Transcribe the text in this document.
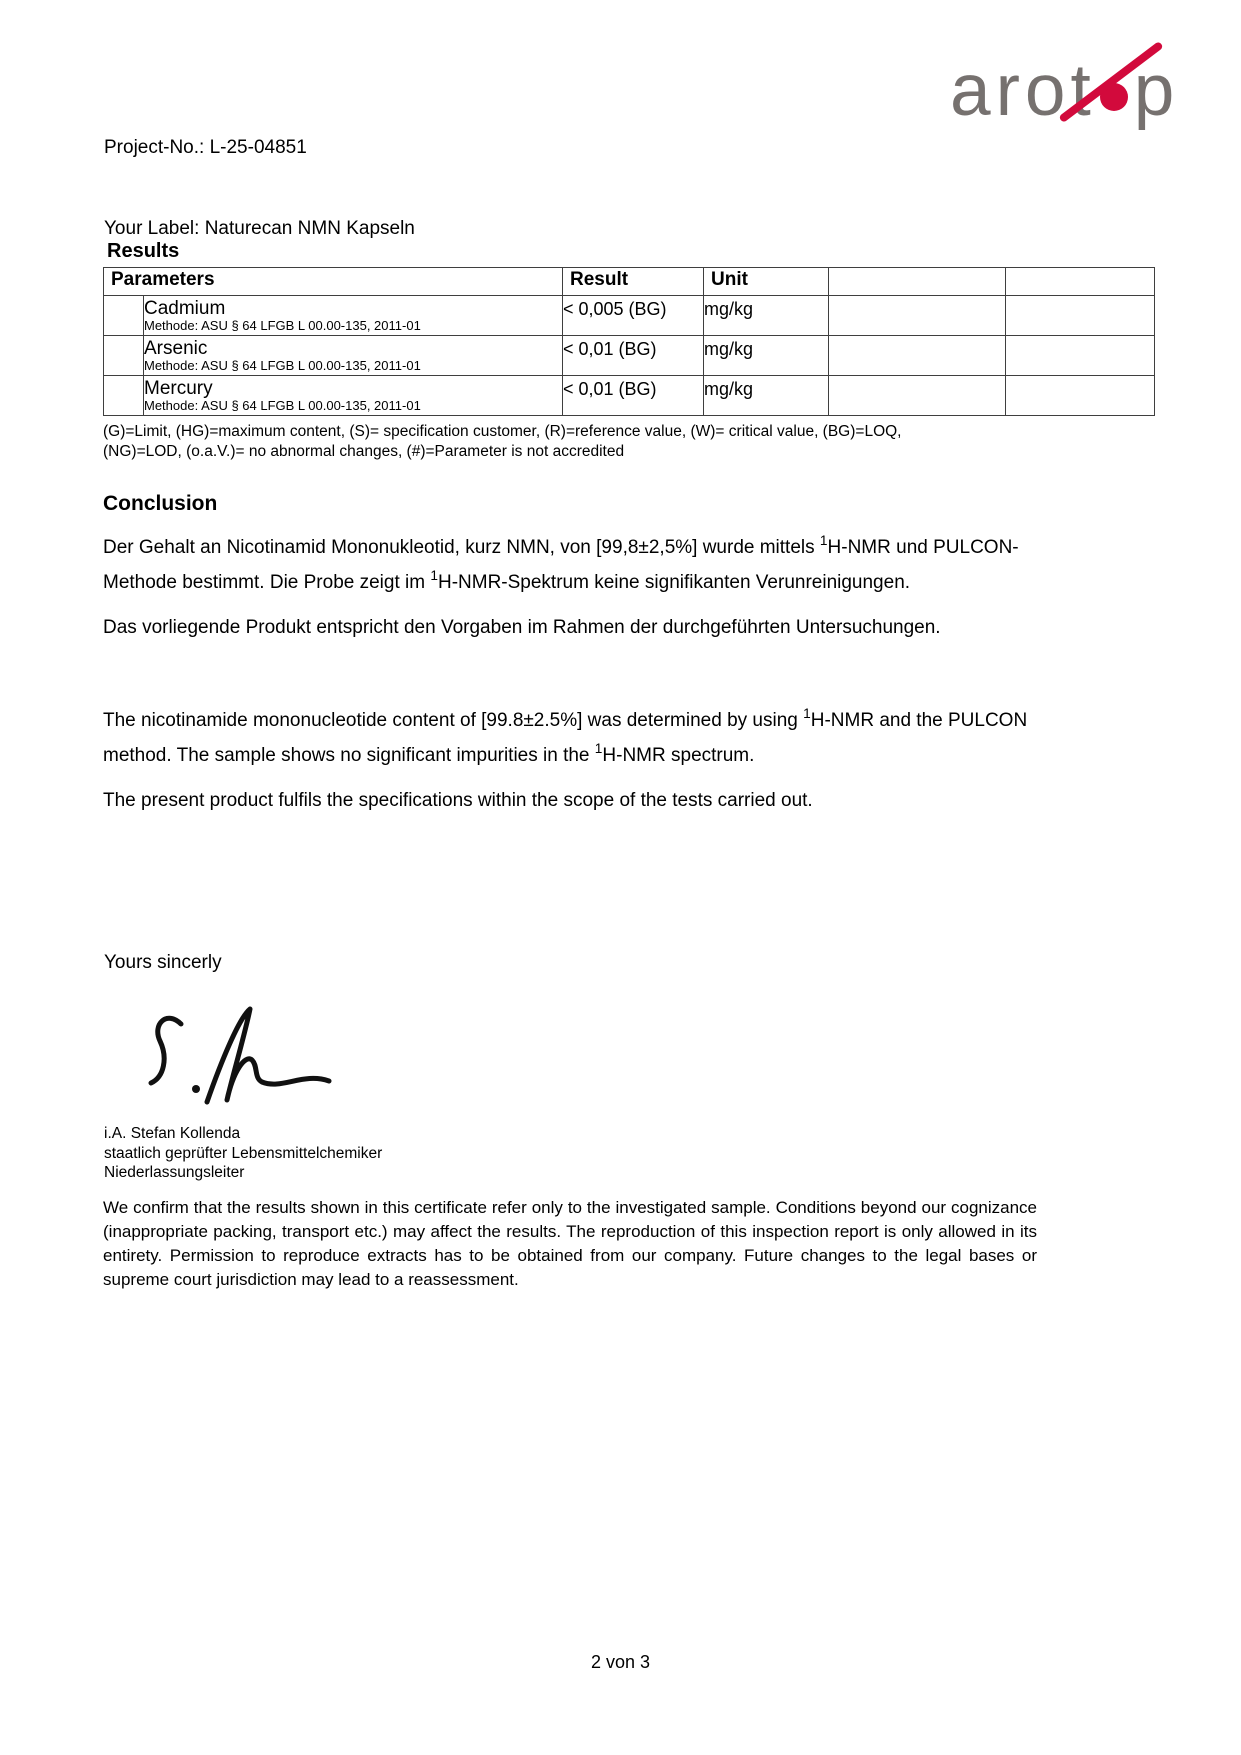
Project-No.: L-25-04851

Your Label: Naturecan NMN Kapseln

arot p
Results
Parameters		Result	Unit		

	Cadmium
Methode: ASU § 64 LFGB L 00.00-135, 2011-01	< 0,005 (BG)	mg/kg		

	Arsenic
Methode: ASU § 64 LFGB L 00.00-135, 2011-01	< 0,01 (BG)	mg/kg		

	Mercury
Methode: ASU § 64 LFGB L 00.00-135, 2011-01	< 0,01 (BG)	mg/kg		
(G)=Limit, (HG)=maximum content, (S)= specification customer, (R)=reference value, (W)= critical value, (BG)=LOQ,
(NG)=LOD, (o.a.V.)= no abnormal changes, (#)=Parameter is not accredited
Conclusion

Der Gehalt an Nicotinamid Mononukleotid, kurz NMN, von [99,8±2,5%] wurde mittels $^1$H-NMR und PULCON-Methode bestimmt. Die Probe zeigt im $^1$H-NMR-Spektrum keine signifikanten Verunreinigungen.

Das vorliegende Produkt entspricht den Vorgaben im Rahmen der durchgeführten Untersuchungen.

The nicotinamide mononucleotide content of [99.8±2.5%] was determined by using $^1$H-NMR and the PULCON method. The sample shows no significant impurities in the $^1$H-NMR spectrum.

The present product fulfils the specifications within the scope of the tests carried out.

Yours sincerly
i.A. Stefan Kollenda
staatlich geprüfter Lebensmittelchemiker
Niederlassungsleiter
We confirm that the results shown in this certificate refer only to the investigated sample. Conditions beyond our cognizance (inappropriate packing, transport etc.) may affect the results. The reproduction of this inspection report is only allowed in its entirety. Permission to reproduce extracts has to be obtained from our company. Future changes to the legal bases or supreme court jurisdiction may lead to a reassessment.
2 von 3
